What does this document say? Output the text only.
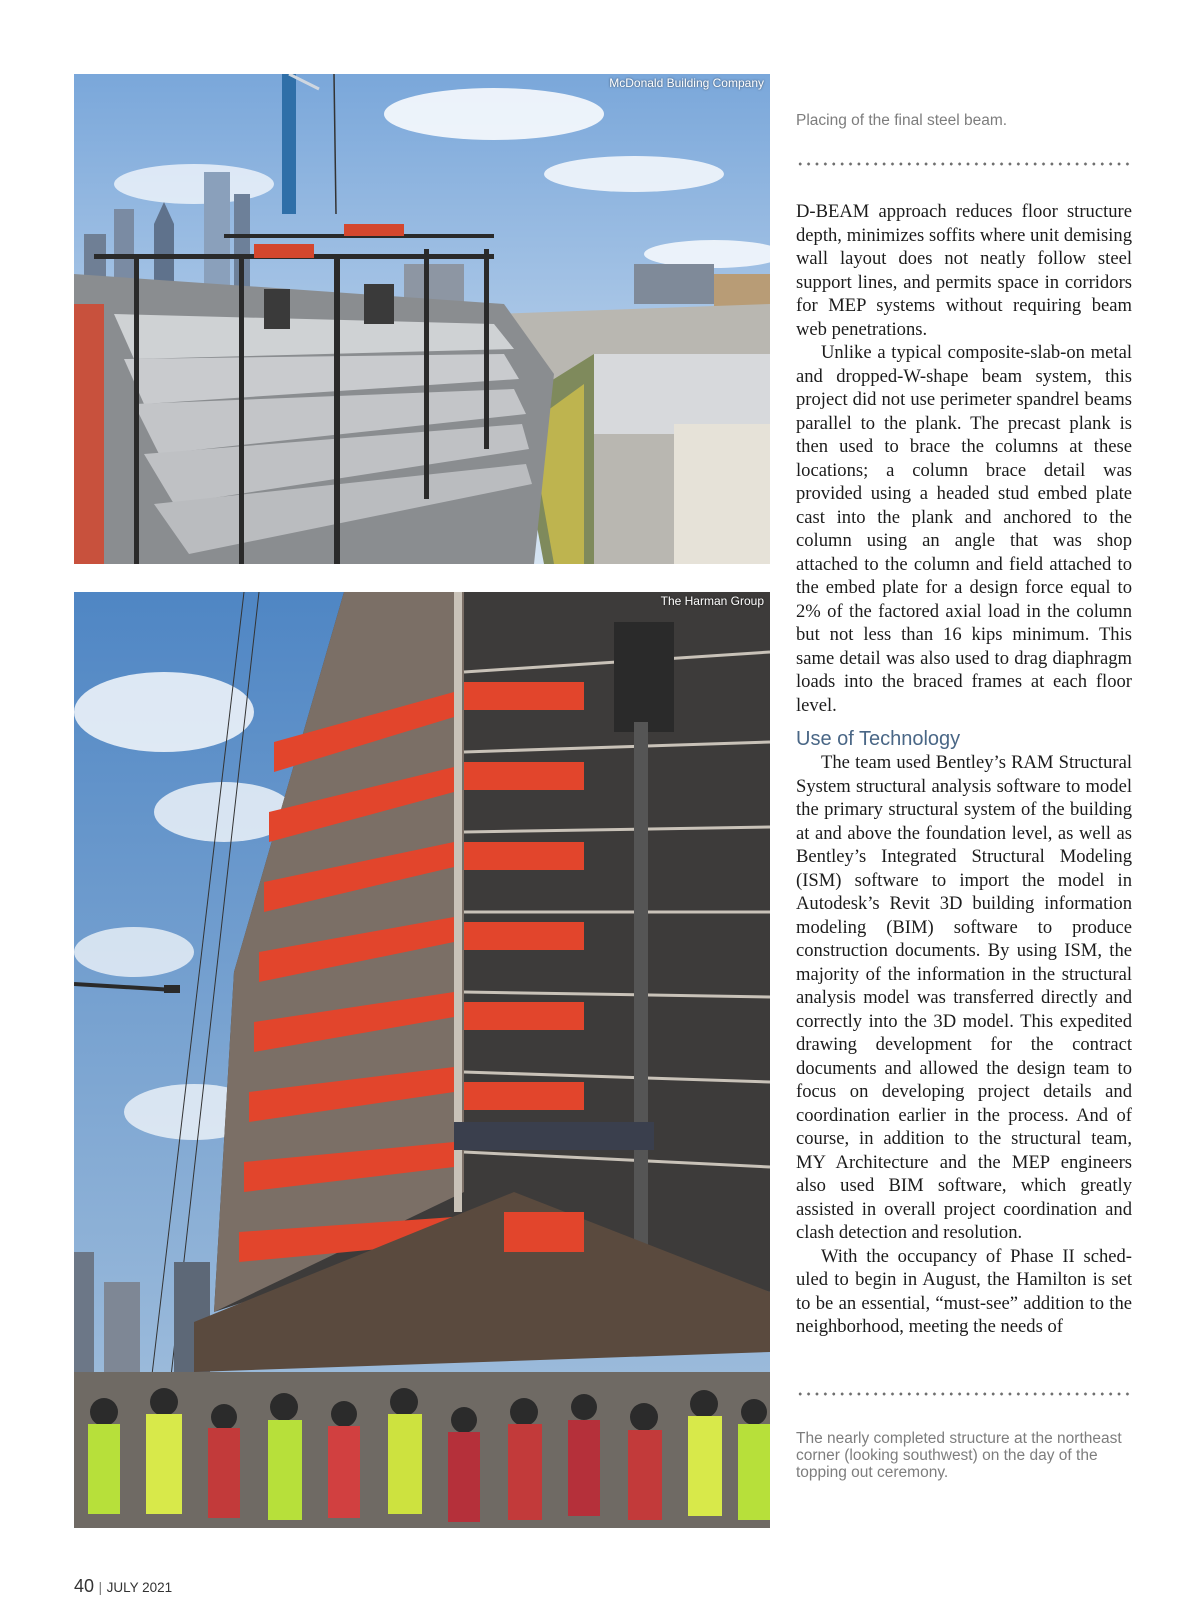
McDonald Building Company
The Harman Group
Placing of the final steel beam.

D-BEAM approach reduces floor structure depth, minimizes soffits where unit demising wall layout does not neatly follow steel support lines, and permits space in corridors for MEP systems without requiring beam web penetrations.

Unlike a typical composite-slab-on metal and dropped-W-shape beam system, this project did not use perimeter spandrel beams parallel to the plank. The precast plank is then used to brace the columns at these locations; a column brace detail was provided using a headed stud embed plate cast into the plank and anchored to the column using an angle that was shop attached to the column and field attached to the embed plate for a design force equal to 2% of the factored axial load in the column but not less than 16 kips minimum. This same detail was also used to drag diaphragm loads into the braced frames at each floor level.

Use of Technology

The team used Bentley’s RAM Structural System structural analysis software to model the primary structural system of the building at and above the foundation level, as well as Bentley’s Integrated Structural Modeling (ISM) software to import the model in Autodesk’s Revit 3D building information modeling (BIM) software to produce construction documents. By using ISM, the majority of the information in the structural analysis model was transferred directly and correctly into the 3D model. This expedited drawing development for the contract documents and allowed the design team to focus on developing project details and coordination earlier in the process. And of course, in addition to the structural team, MY Architecture and the MEP engineers also used BIM software, which greatly assisted in overall project coordination and clash detection and resolution.

With the occupancy of Phase II scheduled to begin in August, the Hamilton is set to be an essential, “must-see” addition to the neighborhood, meeting the needs of

The nearly completed structure at the northeast corner (looking southwest) on the day of the topping out ceremony.
40 | JULY 2021
